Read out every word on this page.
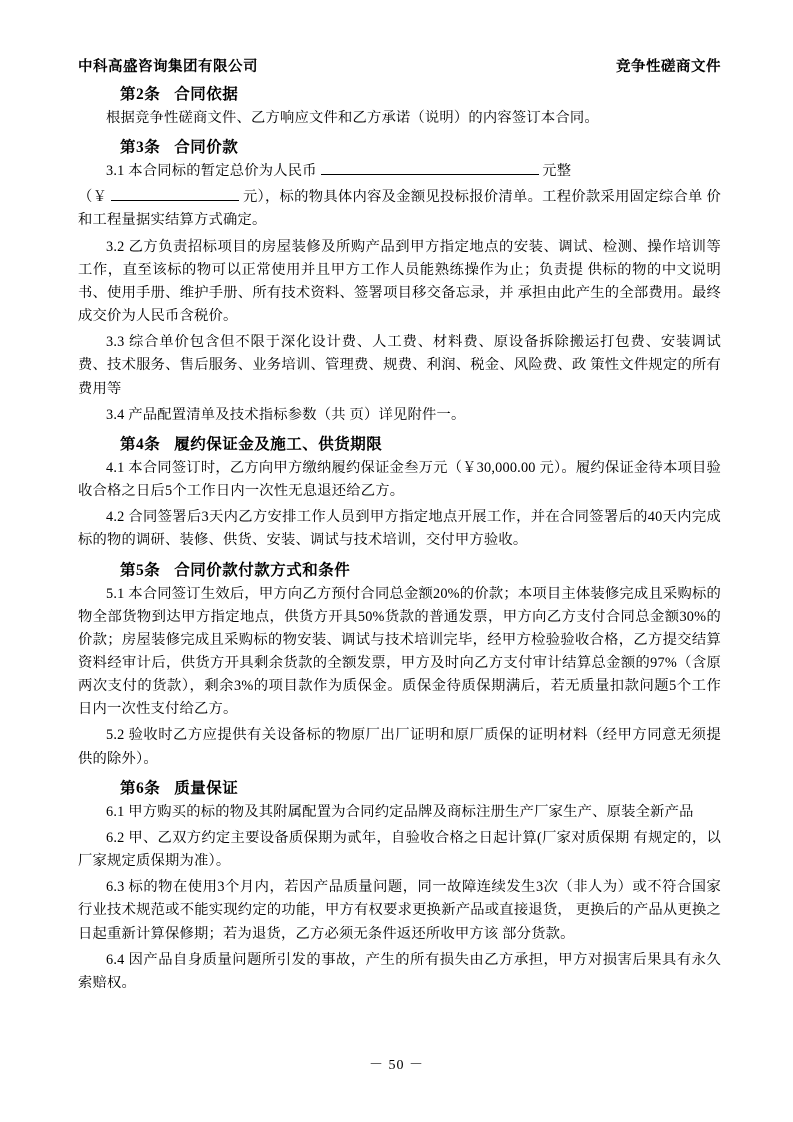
中科高盛咨询集团有限公司	竞争性磋商文件
第2条 合同依据

根据竞争性磋商文件、乙方响应文件和乙方承诺（说明）的内容签订本合同。

第3条 合同价款

3.1 本合同标的暂定总价为人民币	元整

（￥	元），标的物具体内容及金额见投标报价清单。工程价款采用固定综合单 价和工程量据实结算方式确定。

3.2 乙方负责招标项目的房屋装修及所购产品到甲方指定地点的安装、调试、检测、操作培训等工作，直至该标的物可以正常使用并且甲方工作人员能熟练操作为止；负责提 供标的物的中文说明书、使用手册、维护手册、所有技术资料、签署项目移交备忘录，并 承担由此产生的全部费用。最终成交价为人民币含税价。

3.3 综合单价包含但不限于深化设计费、人工费、材料费、原设备拆除搬运打包费、安装调试费、技术服务、售后服务、业务培训、管理费、规费、利润、税金、风险费、政 策性文件规定的所有费用等

3.4 产品配置清单及技术指标参数（共 页）详见附件一。

第4条 履约保证金及施工、供货期限

4.1 本合同签订时，乙方向甲方缴纳履约保证金叁万元（￥30,000.00 元）。履约保证金待本项目验收合格之日后5个工作日内一次性无息退还给乙方。

4.2 合同签署后3天内乙方安排工作人员到甲方指定地点开展工作，并在合同签署后的40天内完成标的物的调研、装修、供货、安装、调试与技术培训，交付甲方验收。

第5条 合同价款付款方式和条件

5.1 本合同签订生效后，甲方向乙方预付合同总金额20%的价款；本项目主体装修完成且采购标的物全部货物到达甲方指定地点，供货方开具50%货款的普通发票，甲方向乙方支付合同总金额30%的价款；房屋装修完成且采购标的物安装、调试与技术培训完毕，经甲方检验验收合格，乙方提交结算资料经审计后，供货方开具剩余货款的全额发票，甲方及时向乙方支付审计结算总金额的97%（含原两次支付的货款），剩余3%的项目款作为质保金。质保金待质保期满后，若无质量扣款问题5个工作日内一次性支付给乙方。

5.2 验收时乙方应提供有关设备标的物原厂出厂证明和原厂质保的证明材料（经甲方同意无须提供的除外）。

第6条 质量保证

6.1 甲方购买的标的物及其附属配置为合同约定品牌及商标注册生产厂家生产、原装全新产品

6.2 甲、乙双方约定主要设备质保期为贰年，自验收合格之日起计算(厂家对质保期 有规定的，以厂家规定质保期为准）。

6.3 标的物在使用3个月内，若因产品质量问题，同一故障连续发生3次（非人为）或不符合国家行业技术规范或不能实现约定的功能，甲方有权要求更换新产品或直接退货， 更换后的产品从更换之日起重新计算保修期；若为退货，乙方必须无条件返还所收甲方该 部分货款。

6.4 因产品自身质量问题所引发的事故，产生的所有损失由乙方承担，甲方对损害后果具有永久索赔权。

－ 50 －
